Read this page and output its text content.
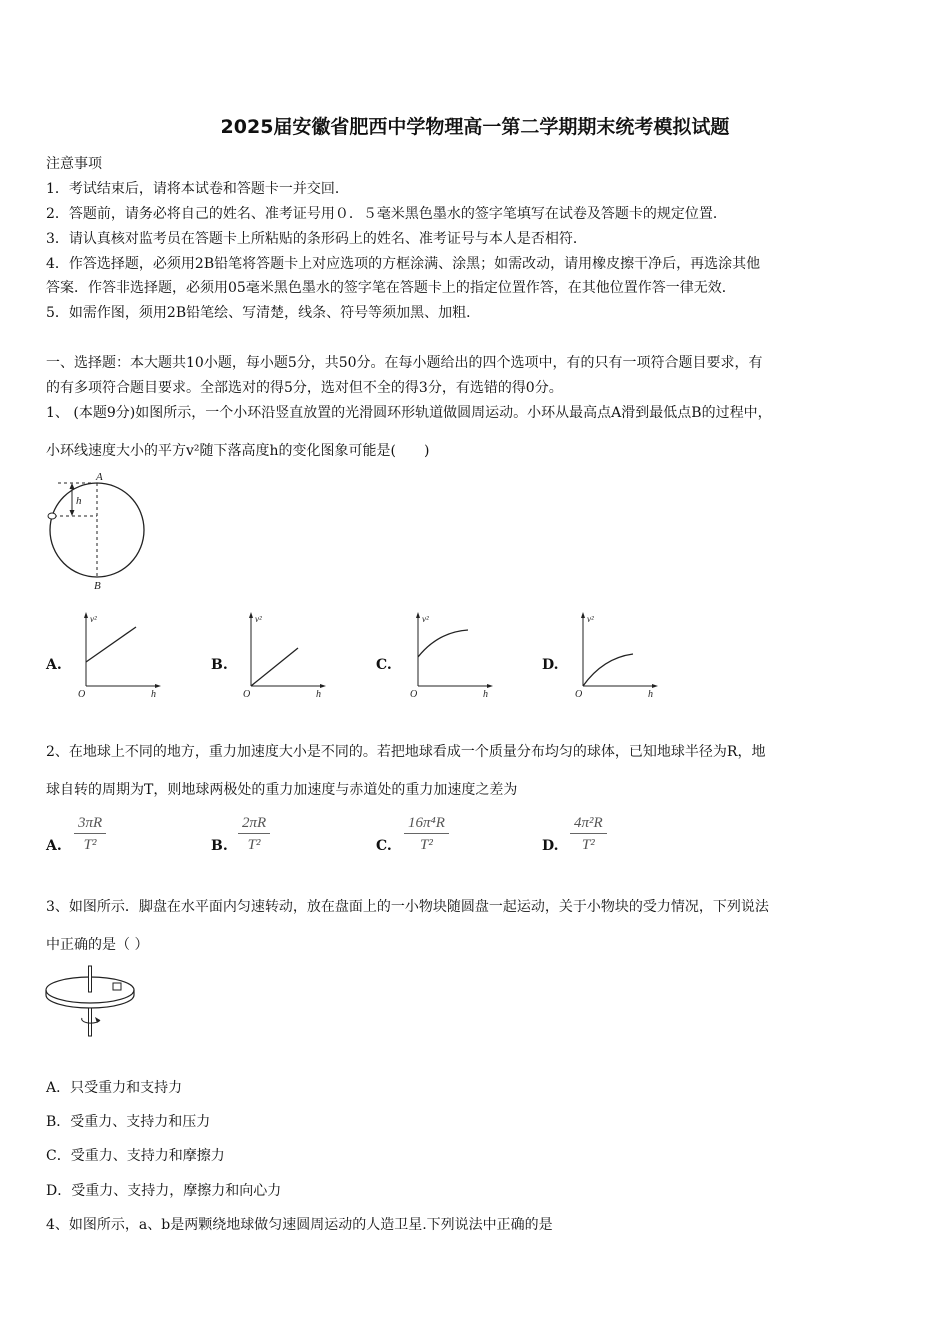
2025届安徽省肥西中学物理高一第二学期期末统考模拟试题
注意事项
1．考试结束后，请将本试卷和答题卡一并交回．
2．答题前，请务必将自己的姓名、准考证号用０．５毫米黑色墨水的签字笔填写在试卷及答题卡的规定位置．
3．请认真核对监考员在答题卡上所粘贴的条形码上的姓名、准考证号与本人是否相符．
4．作答选择题，必须用2B铅笔将答题卡上对应选项的方框涂满、涂黑；如需改动，请用橡皮擦干净后，再选涂其他
答案．作答非选择题，必须用05毫米黑色墨水的签字笔在答题卡上的指定位置作答，在其他位置作答一律无效．
5．如需作图，须用2B铅笔绘、写清楚，线条、符号等须加黑、加粗．
一、选择题：本大题共10小题，每小题5分，共50分。在每小题给出的四个选项中，有的只有一项符合题目要求，有
的有多项符合题目要求。全部选对的得5分，选对但不全的得3分，有选错的得0分。
1、 (本题9分)如图所示，一个小环沿竖直放置的光滑圆环形轨道做圆周运动。小环从最高点A滑到最低点B的过程中，
小环线速度大小的平方v²随下落高度h的变化图象可能是(　　)
h
A
B
A.
v²
h
O
B.
v²
h
O
C.
v²
h
O
D.
v²
h
O
2、在地球上不同的地方，重力加速度大小是不同的。若把地球看成一个质量分布均匀的球体，已知地球半径为R，地
球自转的周期为T，则地球两极处的重力加速度与赤道处的重力加速度之差为
A. $\frac{3\pi R}{\text{T²}}$	B. $\frac{2\pi R}{\text{T²}}$	C. $\frac{\text{16π⁴R}}{\text{T²}}$	D. $\frac{\text{4π²R}}{\text{T²}}$
3、如图所示．脚盘在水平面内匀速转动，放在盘面上的一小物块随圆盘一起运动，关于小物块的受力情况，下列说法
中正确的是（ ）
A．只受重力和支持力
B．受重力、支持力和压力
C．受重力、支持力和摩擦力
D．受重力、支持力，摩擦力和向心力
4、如图所示，a、b是两颗绕地球做匀速圆周运动的人造卫星.下列说法中正确的是
